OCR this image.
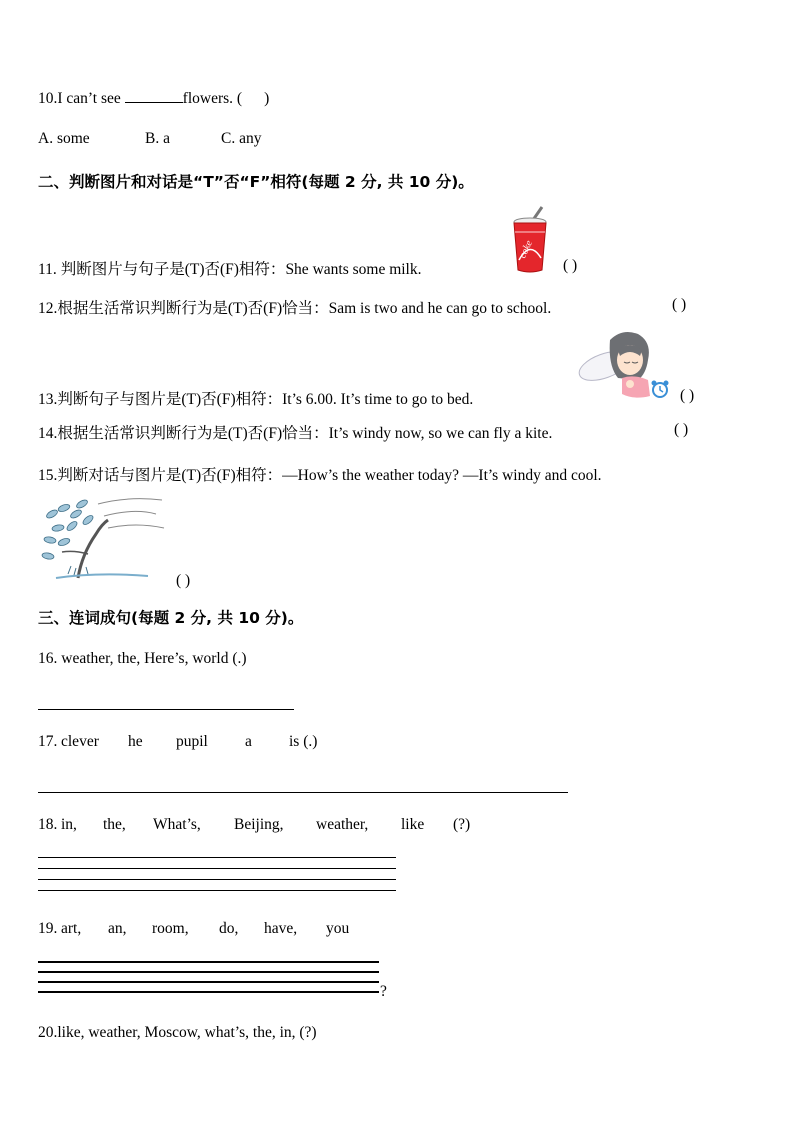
10.I can’t see	flowers. ( )
A. some	B. a	C. any
二、判断图片和对话是“T”否“F”相符(每题 2 分, 共 10 分)。
11. 判断图片与句子是(T)否(F)相符：She wants some milk.
coke
( )
12.根据生活常识判断行为是(T)否(F)恰当：Sam is two and he can go to school.	( )
13.判断句子与图片是(T)否(F)相符：It’s 6.00. It’s time to go to bed.	( )
14.根据生活常识判断行为是(T)否(F)恰当：It’s windy now, so we can fly a kite.	( )
15.判断对话与图片是(T)否(F)相符：—How’s the weather today? —It’s windy and cool.
( )
三、连词成句(每题 2 分, 共 10 分)。
16. weather, the, Here’s, world (.)
17. clever he pupil a is (.)
18. in, the, What’s, Beijing, weather, like (?)
19. art, an, room, do, have, you
?
20.like, weather, Moscow, what’s, the, in, (?)
